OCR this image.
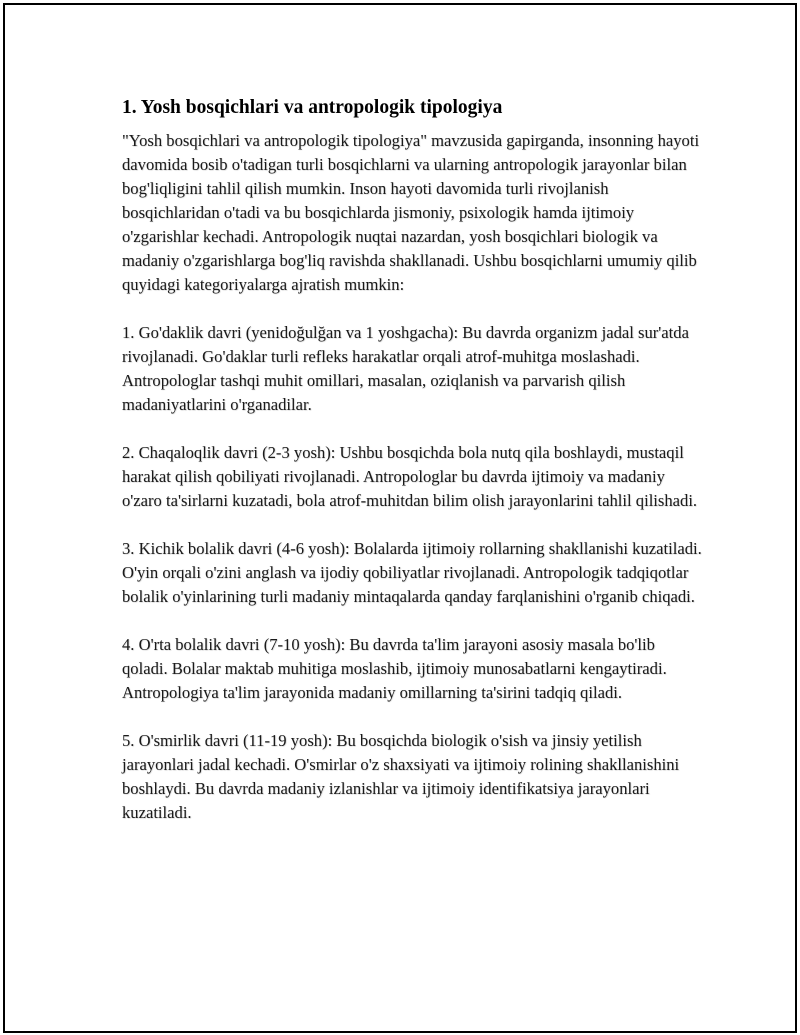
1. Yosh bosqichlari va antropologik tipologiya

"Yosh bosqichlari va antropologik tipologiya" mavzusida gapirganda, insonning hayoti davomida bosib o'tadigan turli bosqichlarni va ularning antropologik jarayonlar bilan bog'liqligini tahlil qilish mumkin. Inson hayoti davomida turli rivojlanish bosqichlaridan o'tadi va bu bosqichlarda jismoniy, psixologik hamda ijtimoiy o'zgarishlar kechadi. Antropologik nuqtai nazardan, yosh bosqichlari biologik va madaniy o'zgarishlarga bog'liq ravishda shakllanadi. Ushbu bosqichlarni umumiy qilib quyidagi kategoriyalarga ajratish mumkin:

1. Go'daklik davri (yenidoğulğan va 1 yoshgacha): Bu davrda organizm jadal sur'atda rivojlanadi. Go'daklar turli refleks harakatlar orqali atrof-muhitga moslashadi. Antropologlar tashqi muhit omillari, masalan, oziqlanish va parvarish qilish madaniyatlarini o'rganadilar.

2. Chaqaloqlik davri (2-3 yosh): Ushbu bosqichda bola nutq qila boshlaydi, mustaqil harakat qilish qobiliyati rivojlanadi. Antropologlar bu davrda ijtimoiy va madaniy o'zaro ta'sirlarni kuzatadi, bola atrof-muhitdan bilim olish jarayonlarini tahlil qilishadi.

3. Kichik bolalik davri (4-6 yosh): Bolalarda ijtimoiy rollarning shakllanishi kuzatiladi. O'yin orqali o'zini anglash va ijodiy qobiliyatlar rivojlanadi. Antropologik tadqiqotlar bolalik o'yinlarining turli madaniy mintaqalarda qanday farqlanishini o'rganib chiqadi.

4. O'rta bolalik davri (7-10 yosh): Bu davrda ta'lim jarayoni asosiy masala bo'lib qoladi. Bolalar maktab muhitiga moslashib, ijtimoiy munosabatlarni kengaytiradi. Antropologiya ta'lim jarayonida madaniy omillarning ta'sirini tadqiq qiladi.

5. O'smirlik davri (11-19 yosh): Bu bosqichda biologik o'sish va jinsiy yetilish jarayonlari jadal kechadi. O'smirlar o'z shaxsiyati va ijtimoiy rolining shakllanishini boshlaydi. Bu davrda madaniy izlanishlar va ijtimoiy identifikatsiya jarayonlari kuzatiladi.
